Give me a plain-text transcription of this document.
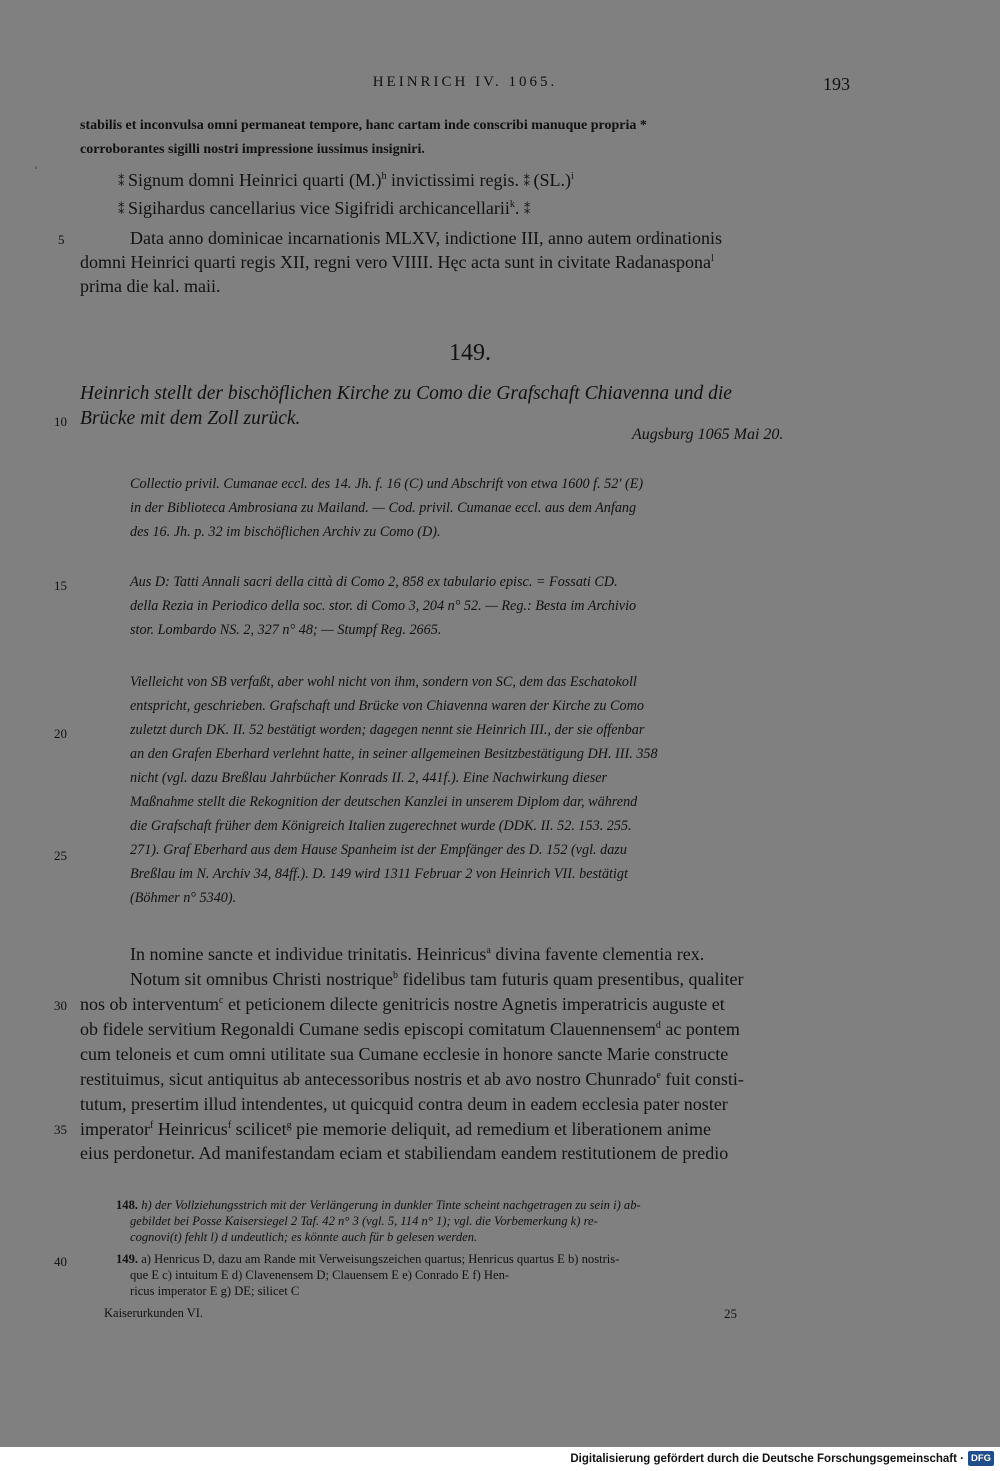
HEINRICH IV. 1065.	193
stabilis et inconvulsa omni permaneat tempore, hanc cartam inde conscribi manuque propria *
corroborantes sigilli nostri impressione iussimus insigniri.
⁑ Signum domni Heinrici quarti $(M.)^h$ invictissimi regis. ⁑ $(SL.)^i$
⁑ Sigihardus cancellarius vice Sigifridi archicancellarii$^k$. ⁑
Data anno dominicae incarnationis MLXV, indictione III, anno autem ordinationis
domni Heinrici quarti regis XII, regni vero VIIII. Hęc acta sunt in civitate Radanaspona$^l$
prima die kal. maii.
149.
Heinrich stellt der bischöflichen Kirche zu Como die Grafschaft Chiavenna und die
Brücke mit dem Zoll zurück.
Augsburg 1065 Mai 20.
Collectio privil. Cumanae eccl. des 14. Jh. f. 16 (C) und Abschrift von etwa 1600 f. 52′ (E)
in der Biblioteca Ambrosiana zu Mailand. — Cod. privil. Cumanae eccl. aus dem Anfang
des 16. Jh. p. 32 im bischöflichen Archiv zu Como (D).
Aus D: Tatti Annali sacri della città di Como 2, 858 ex tabulario episc. = Fossati CD.
della Rezia in Periodico della soc. stor. di Como 3, 204 n° 52. — Reg.: Besta im Archivio
stor. Lombardo NS. 2, 327 n° 48; — Stumpf Reg. 2665.
Vielleicht von SB verfaßt, aber wohl nicht von ihm, sondern von SC, dem das Eschatokoll
entspricht, geschrieben. Grafschaft und Brücke von Chiavenna waren der Kirche zu Como
zuletzt durch DK. II. 52 bestätigt worden; dagegen nennt sie Heinrich III., der sie offenbar
an den Grafen Eberhard verlehnt hatte, in seiner allgemeinen Besitzbestätigung DH. III. 358
nicht (vgl. dazu Breßlau Jahrbücher Konrads II. 2, 441f.). Eine Nachwirkung dieser
Maßnahme stellt die Rekognition der deutschen Kanzlei in unserem Diplom dar, während
die Grafschaft früher dem Königreich Italien zugerechnet wurde (DDK. II. 52. 153. 255.
271). Graf Eberhard aus dem Hause Spanheim ist der Empfänger des D. 152 (vgl. dazu
Breßlau im N. Archiv 34, 84ff.). D. 149 wird 1311 Februar 2 von Heinrich VII. bestätigt
(Böhmer n° 5340).
In nomine sancte et individue trinitatis. Heinricus$^a$ divina favente clementia rex.
Notum sit omnibus Christi nostrique$^b$ fidelibus tam futuris quam presentibus, qualiter
nos ob interventum$^c$ et peticionem dilecte genitricis nostre Agnetis imperatricis auguste et
ob fidele servitium Regonaldi Cumane sedis episcopi comitatum Clauennensem$^d$ ac pontem
cum teloneis et cum omni utilitate sua Cumane ecclesie in honore sancte Marie constructe
restituimus, sicut antiquitus ab antecessoribus nostris et ab avo nostro Chunrado$^e$ fuit consti-
tutum, presertim illud intendentes, ut quicquid contra deum in eadem ecclesia pater noster
imperator$^f$ Heinricus$^f$ scilicet$^g$ pie memorie deliquit, ad remedium et liberationem anime
eius perdonetur. Ad manifestandam eciam et stabiliendam eandem restitutionem de predio
148. h) der Vollziehungsstrich mit der Verlängerung in dunkler Tinte scheint nachgetragen zu sein i) ab-
gebildet bei Posse Kaisersiegel 2 Taf. 42 n° 3 (vgl. 5, 114 n° 1); vgl. die Vorbemerkung k) re-
cognovi(t) fehlt l) d undeutlich; es könnte auch für b gelesen werden.
149. a) Henricus D, dazu am Rande mit Verweisungszeichen quartus; Henricus quartus E b) nostris-
que E c) intuitum E d) Clavenensem D; Clauensem E e) Conrado E f) Hen-
ricus imperator E g) DE; silicet C
Kaiserurkunden VI.	25
5
10
15
20
25
30
35
40
ʾ
Digitalisierung gefördert durch die Deutsche Forschungsgemeinschaft · DFG
